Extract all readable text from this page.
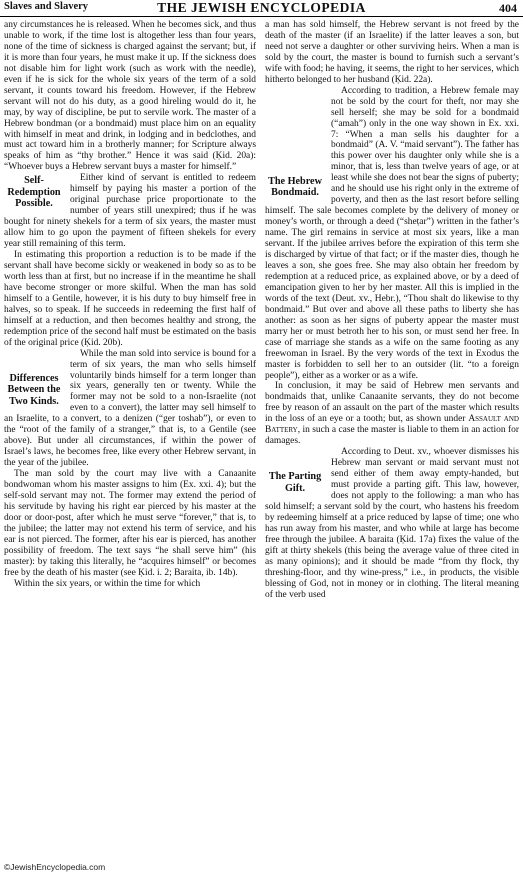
Slaves and Slavery	THE JEWISH ENCYCLOPEDIA	404

any circumstances he is released. When he becomes sick, and thus unable to work, if the time lost is altogether less than four years, none of the time of sickness is charged against the servant; but, if it is more than four years, he must make it up. If the sickness does not disable him for light work (such as work with the needle), even if he is sick for the whole six years of the term of a sold servant, it counts toward his freedom. However, if the Hebrew servant will not do his duty, as a good hireling would do it, he may, by way of discipline, be put to servile work. The master of a Hebrew bondman (or a bondmaid) must place him on an equality with himself in meat and drink, in lodging and in bedclothes, and must act toward him in a brotherly manner; for Scripture always speaks of him as “thy brother.” Hence it was said (Ḳid. 20a): “Whoever buys a Hebrew servant buys a master for himself.”

Self-Redemption Possible.
Either kind of servant is entitled to redeem himself by paying his master a portion of the original purchase price proportionate to the number of years still unexpired; thus if he was bought for ninety shekels for a term of six years, the master must allow him to go upon the payment of fifteen shekels for every year still remaining of this term.

In estimating this proportion a reduction is to be made if the servant shall have become sickly or weakened in body so as to be worth less than at first, but no increase if in the meantime he shall have become stronger or more skilful. When the man has sold himself to a Gentile, however, it is his duty to buy himself free in halves, so to speak. If he succeeds in redeeming the first half of himself at a reduction, and then becomes healthy and strong, the redemption price of the second half must be estimated on the basis of the original price (Ḳid. 20b).

Differences Between the Two Kinds.
While the man sold into service is bound for a term of six years, the man who sells himself voluntarily binds himself for a term longer than six years, generally ten or twenty. While the former may not be sold to a non-Israelite (not even to a convert), the latter may sell himself to an Israelite, to a convert, to a denizen (“ger toshab”), or even to the “root of the family of a stranger,” that is, to a Gentile (see above). But under all circumstances, if within the power of Israel’s laws, he becomes free, like every other Hebrew servant, in the year of the jubilee.

The man sold by the court may live with a Canaanite bondwoman whom his master assigns to him (Ex. xxi. 4); but the self-sold servant may not. The former may extend the period of his servitude by having his right ear pierced by his master at the door or door-post, after which he must serve “forever,” that is, to the jubilee; the latter may not extend his term of service, and his ear is not pierced. The former, after his ear is pierced, has another possibility of freedom. The text says “he shall serve him” (his master): by taking this literally, he “acquires himself” or becomes free by the death of his master (see Ḳid. i. 2; Baraita, ib. 14b).

Within the six years, or within the time for which

a man has sold himself, the Hebrew servant is not freed by the death of the master (if an Israelite) if the latter leaves a son, but need not serve a daughter or other surviving heirs. When a man is sold by the court, the master is bound to furnish such a servant’s wife with food; he having, it seems, the right to her services, which hitherto belonged to her husband (Ḳid. 22a).

The Hebrew Bondmaid.
According to tradition, a Hebrew female may not be sold by the court for theft, nor may she sell herself; she may be sold for a bondmaid (“amah”) only in the one way shown in Ex. xxi. 7: “When a man sells his daughter for a bondmaid” (A. V. “maid servant”). The father has this power over his daughter only while she is a minor, that is, less than twelve years of age, or at least while she does not bear the signs of puberty; and he should use his right only in the extreme of poverty, and then as the last resort before selling himself. The sale becomes complete by the delivery of money or money’s worth, or through a deed (“sheṭar”) written in the father’s name. The girl remains in service at most six years, like a man servant. If the jubilee arrives before the expiration of this term she is discharged by virtue of that fact; or if the master dies, though he leaves a son, she goes free. She may also obtain her freedom by redemption at a reduced price, as explained above, or by a deed of emancipation given to her by her master. All this is implied in the words of the text (Deut. xv., Hebr.), “Thou shalt do likewise to thy bondmaid.” But over and above all these paths to liberty she has another: as soon as her signs of puberty appear the master must marry her or must betroth her to his son, or must send her free. In case of marriage she stands as a wife on the same footing as any freewoman in Israel. By the very words of the text in Exodus the master is forbidden to sell her to an outsider (lit. “to a foreign people”), either as a worker or as a wife.

In conclusion, it may be said of Hebrew men servants and bondmaids that, unlike Canaanite servants, they do not become free by reason of an assault on the part of the master which results in the loss of an eye or a tooth; but, as shown under Assault and Battery, in such a case the master is liable to them in an action for damages.

The Parting Gift.
According to Deut. xv., whoever dismisses his Hebrew man servant or maid servant must not send either of them away empty-handed, but must provide a parting gift. This law, however, does not apply to the following: a man who has sold himself; a servant sold by the court, who hastens his freedom by redeeming himself at a price reduced by lapse of time; one who has run away from his master, and who while at large has become free through the jubilee. A baraita (Ḳid. 17a) fixes the value of the gift at thirty shekels (this being the average value of three cited in as many opinions); and it should be made “from thy flock, thy threshing-floor, and thy wine-press,” i.e., in products, the visible blessing of God, not in money or in clothing. The literal meaning of the verb used

©JewishEncyclopedia.com
